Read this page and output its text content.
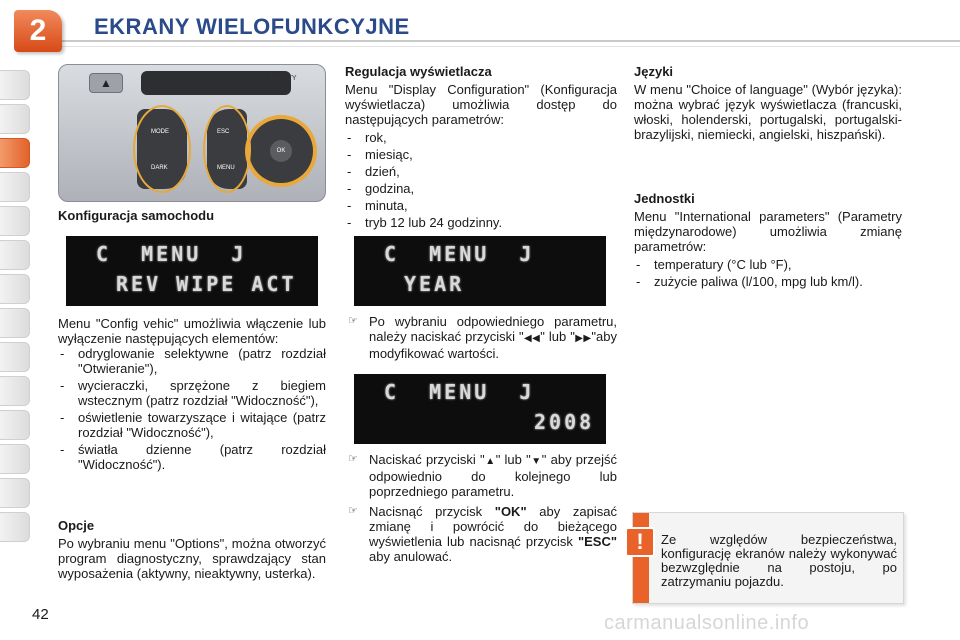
2 EKRANY WIELOFUNKCYJNE
▲	TA / PTY
MODE
DARK
ESC
MENU
OK
Konfiguracja samochodu
C  MENU  J
REV WIPE ACT
Menu "Config vehic" umożliwia włączenie lub wyłączenie następujących elementów:
- odryglowanie selektywne (patrz rozdział "Otwieranie"),
- wycieraczki, sprzężone z biegiem wstecznym (patrz rozdział "Widoczność"),
- oświetlenie towarzyszące i witające (patrz rozdział "Widoczność"),
- światła dzienne (patrz rozdział "Widoczność").
Opcje
Po wybraniu menu "Options", można otworzyć program diagnostyczny, sprawdzający stan wyposażenia (aktywny, nieaktywny, usterka).
Regulacja wyświetlacza
Menu "Display Configuration" (Konfiguracja wyświetlacza) umożliwia dostęp do następujących parametrów:
- rok,
- miesiąc,
- dzień,
- godzina,
- minuta,
- tryb 12 lub 24 godzinny.
C  MENU  J
YEAR
☞ Po wybraniu odpowiedniego parametru, należy naciskać przyciski "◀◀" lub "▶▶"aby modyfikować wartości.
C  MENU  J
2008
☞ Naciskać przyciski "▲" lub "▼" aby przejść odpowiednio do kolejnego lub poprzedniego parametru.
☞ Nacisnąć przycisk "OK" aby zapisać zmianę i powrócić do bieżącego wyświetlenia lub nacisnąć przycisk "ESC" aby anulować.
Języki
W menu "Choice of language" (Wybór języka): można wybrać język wyświetlacza (francuski, włoski, holenderski, portugalski, portugalski-brazylijski, niemiecki, angielski, hiszpański).
Jednostki
Menu "International parameters" (Parametry międzynarodowe) umożliwia zmianę parametrów:
- temperatury (°C lub °F),
- zużycie paliwa (l/100, mpg lub km/l).
!	Ze względów bezpieczeństwa, konfigurację ekranów należy wykonywać bezwzględnie na postoju, po zatrzymaniu pojazdu.
42	carmanualsonline.info
